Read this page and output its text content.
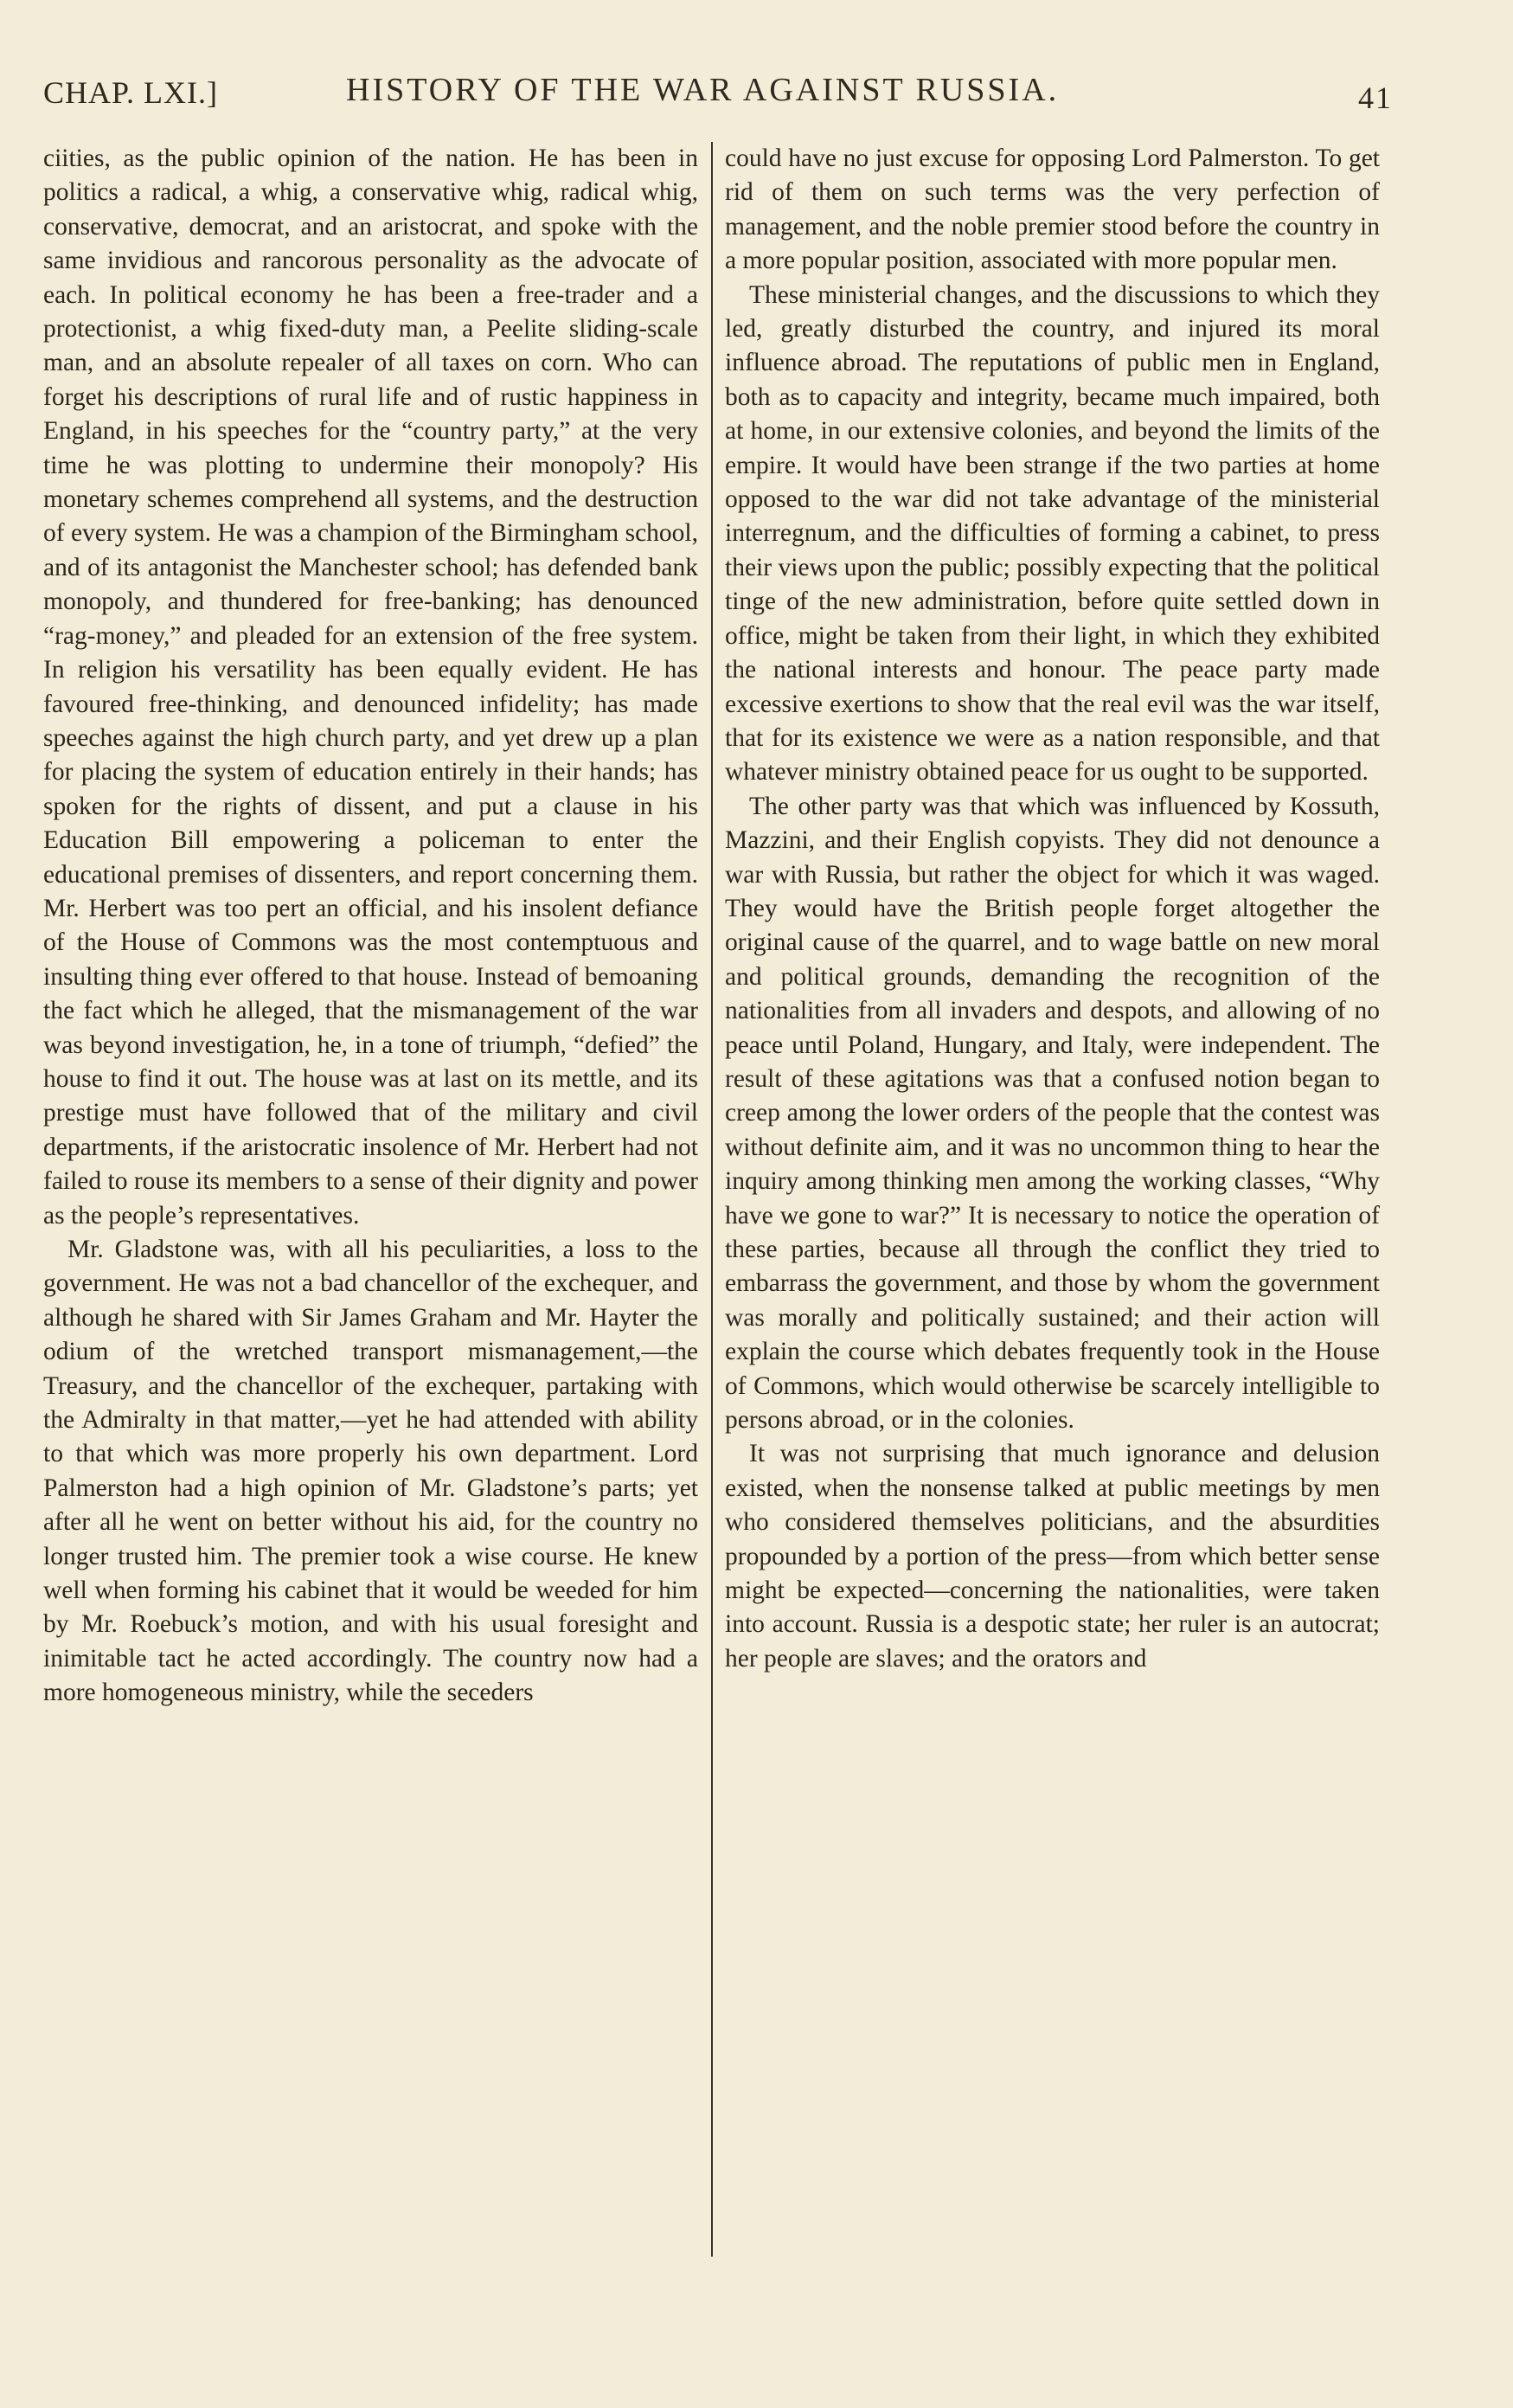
CHAP. LXI.]	HISTORY OF THE WAR AGAINST RUSSIA.	41

ciities, as the public opinion of the nation. He has been in politics a radical, a whig, a conservative whig, radical whig, conservative, democrat, and an aristocrat, and spoke with the same invidious and rancorous personality as the advocate of each. In political economy he has been a free-trader and a protectionist, a whig fixed-duty man, a Peelite sliding-scale man, and an absolute repealer of all taxes on corn. Who can forget his descriptions of rural life and of rustic happiness in England, in his speeches for the “country party,” at the very time he was plotting to undermine their monopoly? His monetary schemes comprehend all systems, and the destruction of every system. He was a champion of the Birmingham school, and of its antagonist the Manchester school; has defended bank monopoly, and thundered for free-banking; has denounced “rag-money,” and pleaded for an extension of the free system. In religion his versatility has been equally evident. He has favoured free-thinking, and denounced infidelity; has made speeches against the high church party, and yet drew up a plan for placing the system of education entirely in their hands; has spoken for the rights of dissent, and put a clause in his Education Bill empowering a policeman to enter the educational premises of dissenters, and report concerning them. Mr. Herbert was too pert an official, and his insolent defiance of the House of Commons was the most contemptuous and insulting thing ever offered to that house. Instead of bemoaning the fact which he alleged, that the mismanagement of the war was beyond investigation, he, in a tone of triumph, “defied” the house to find it out. The house was at last on its mettle, and its prestige must have followed that of the military and civil departments, if the aristocratic insolence of Mr. Herbert had not failed to rouse its members to a sense of their dignity and power as the people’s representatives.

Mr. Gladstone was, with all his peculiarities, a loss to the government. He was not a bad chancellor of the exchequer, and although he shared with Sir James Graham and Mr. Hayter the odium of the wretched transport mismanagement,—the Treasury, and the chancellor of the exchequer, partaking with the Admiralty in that matter,—yet he had attended with ability to that which was more properly his own department. Lord Palmerston had a high opinion of Mr. Gladstone’s parts; yet after all he went on better without his aid, for the country no longer trusted him. The premier took a wise course. He knew well when forming his cabinet that it would be weeded for him by Mr. Roebuck’s motion, and with his usual foresight and inimitable tact he acted accordingly. The country now had a more homogeneous ministry, while the seceders

could have no just excuse for opposing Lord Palmerston. To get rid of them on such terms was the very perfection of management, and the noble premier stood before the country in a more popular position, associated with more popular men.

These ministerial changes, and the discussions to which they led, greatly disturbed the country, and injured its moral influence abroad. The reputations of public men in England, both as to capacity and integrity, became much impaired, both at home, in our extensive colonies, and beyond the limits of the empire. It would have been strange if the two parties at home opposed to the war did not take advantage of the ministerial interregnum, and the difficulties of forming a cabinet, to press their views upon the public; possibly expecting that the political tinge of the new administration, before quite settled down in office, might be taken from their light, in which they exhibited the national interests and honour. The peace party made excessive exertions to show that the real evil was the war itself, that for its existence we were as a nation responsible, and that whatever ministry obtained peace for us ought to be supported.

The other party was that which was influenced by Kossuth, Mazzini, and their English copyists. They did not denounce a war with Russia, but rather the object for which it was waged. They would have the British people forget altogether the original cause of the quarrel, and to wage battle on new moral and political grounds, demanding the recognition of the nationalities from all invaders and despots, and allowing of no peace until Poland, Hungary, and Italy, were independent. The result of these agitations was that a confused notion began to creep among the lower orders of the people that the contest was without definite aim, and it was no uncommon thing to hear the inquiry among thinking men among the working classes, “Why have we gone to war?” It is necessary to notice the operation of these parties, because all through the conflict they tried to embarrass the government, and those by whom the government was morally and politically sustained; and their action will explain the course which debates frequently took in the House of Commons, which would otherwise be scarcely intelligible to persons abroad, or in the colonies.

It was not surprising that much ignorance and delusion existed, when the nonsense talked at public meetings by men who considered themselves politicians, and the absurdities propounded by a portion of the press—from which better sense might be expected—concerning the nationalities, were taken into account. Russia is a despotic state; her ruler is an autocrat; her people are slaves; and the orators and
